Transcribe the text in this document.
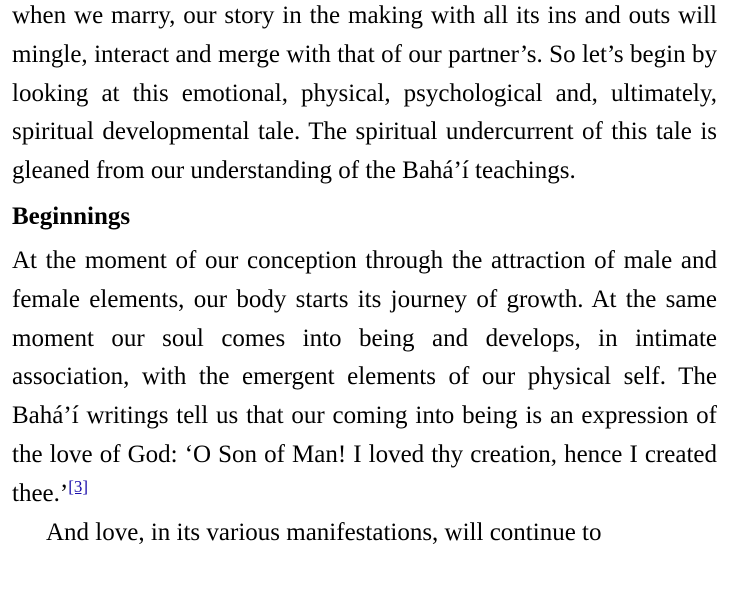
when we marry, our story in the making with all its ins and outs will mingle, interact and merge with that of our partner’s. So let’s begin by looking at this emotional, physical, psychological and, ultimately, spiritual developmental tale. The spiritual undercurrent of this tale is gleaned from our understanding of the Bahá’í teachings.

Beginnings

At the moment of our conception through the attraction of male and female elements, our body starts its journey of growth. At the same moment our soul comes into being and develops, in intimate association, with the emergent elements of our physical self. The Bahá’í writings tell us that our coming into being is an expression of the love of God: ‘O Son of Man! I loved thy creation, hence I created thee.’[3]

And love, in its various manifestations, will continue to
